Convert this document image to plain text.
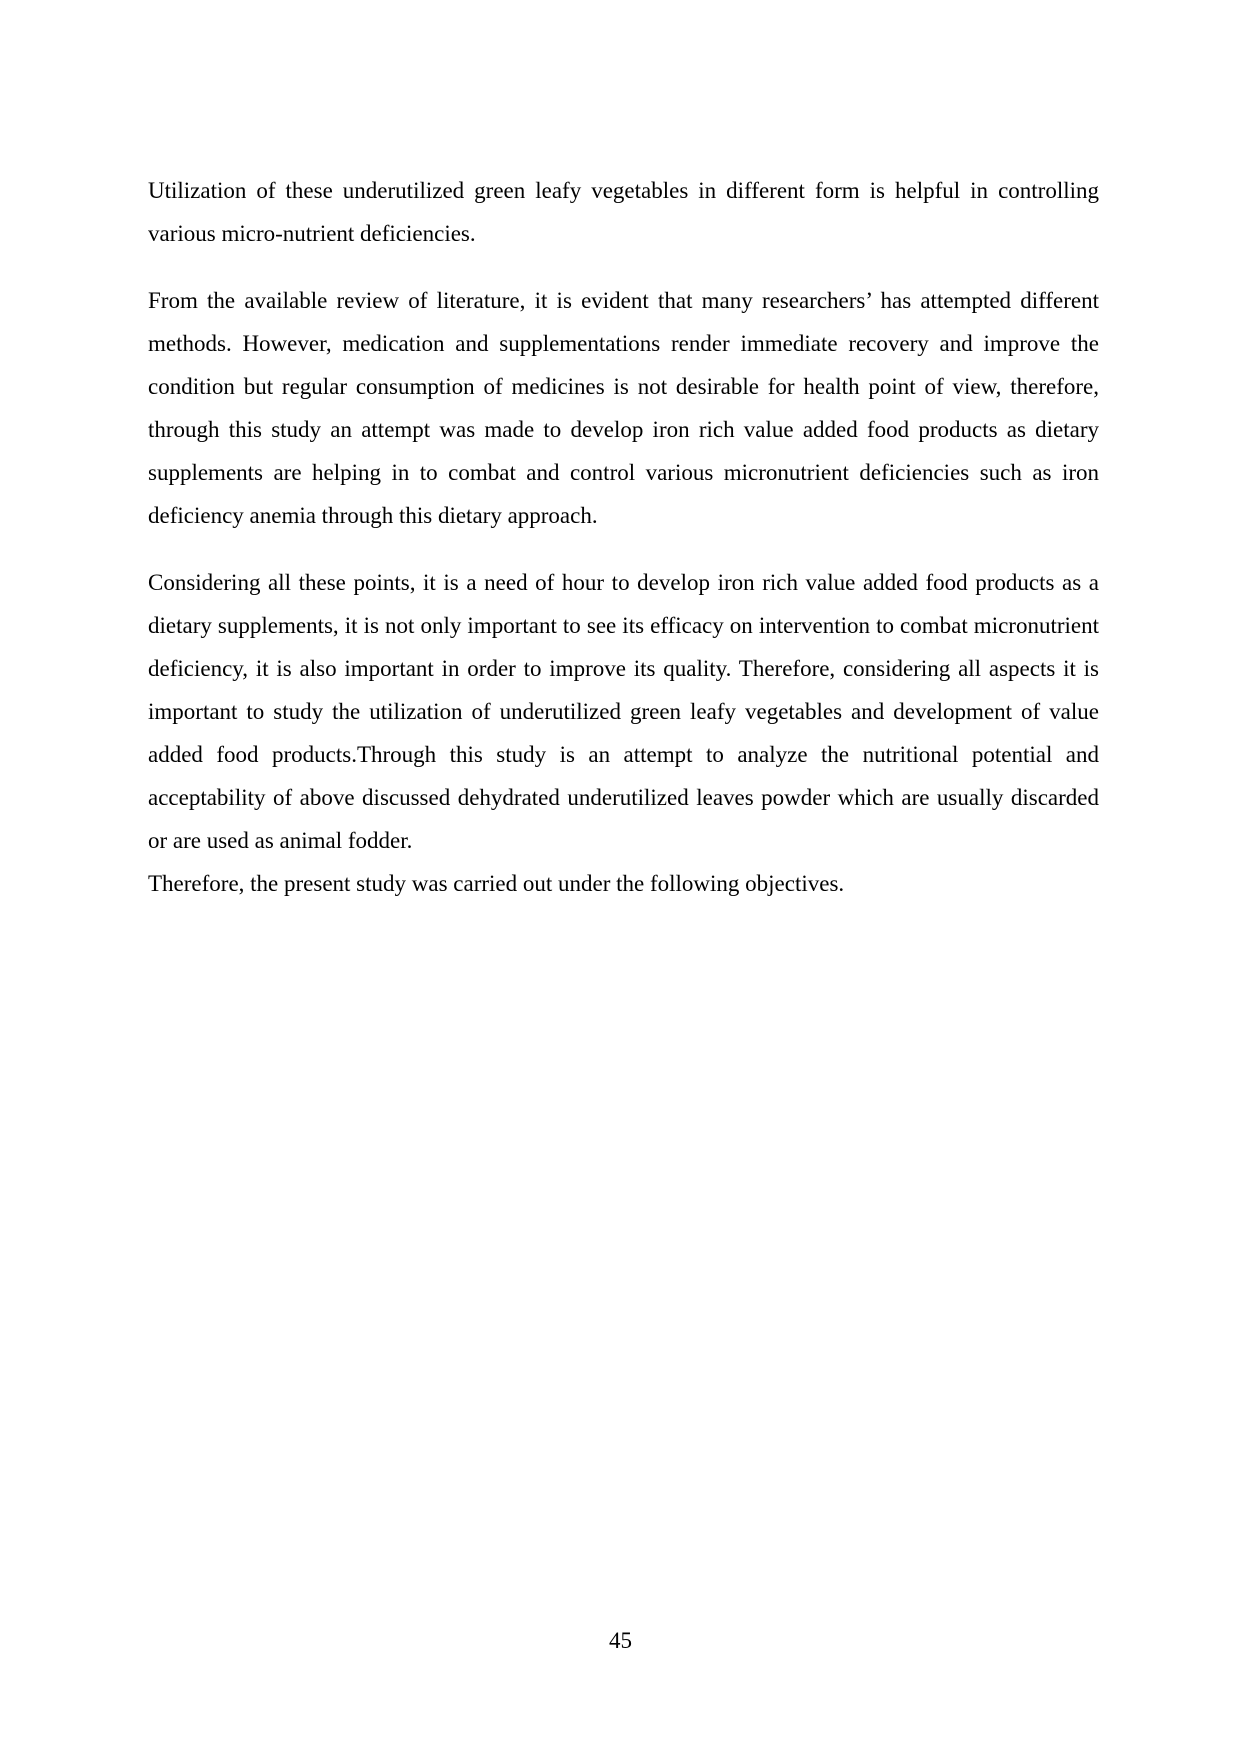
Utilization of these underutilized green leafy vegetables in different form is helpful in controlling various micro-nutrient deficiencies.

From the available review of literature, it is evident that many researchers’ has attempted different methods. However, medication and supplementations render immediate recovery and improve the condition but regular consumption of medicines is not desirable for health point of view, therefore, through this study an attempt was made to develop iron rich value added food products as dietary supplements are helping in to combat and control various micronutrient deficiencies such as iron deficiency anemia through this dietary approach.

Considering all these points, it is a need of hour to develop iron rich value added food products as a dietary supplements, it is not only important to see its efficacy on intervention to combat micronutrient deficiency, it is also important in order to improve its quality. Therefore, considering all aspects it is important to study the utilization of underutilized green leafy vegetables and development of value added food products.Through this study is an attempt to analyze the nutritional potential and acceptability of above discussed dehydrated underutilized leaves powder which are usually discarded or are used as animal fodder.

Therefore, the present study was carried out under the following objectives.

45
